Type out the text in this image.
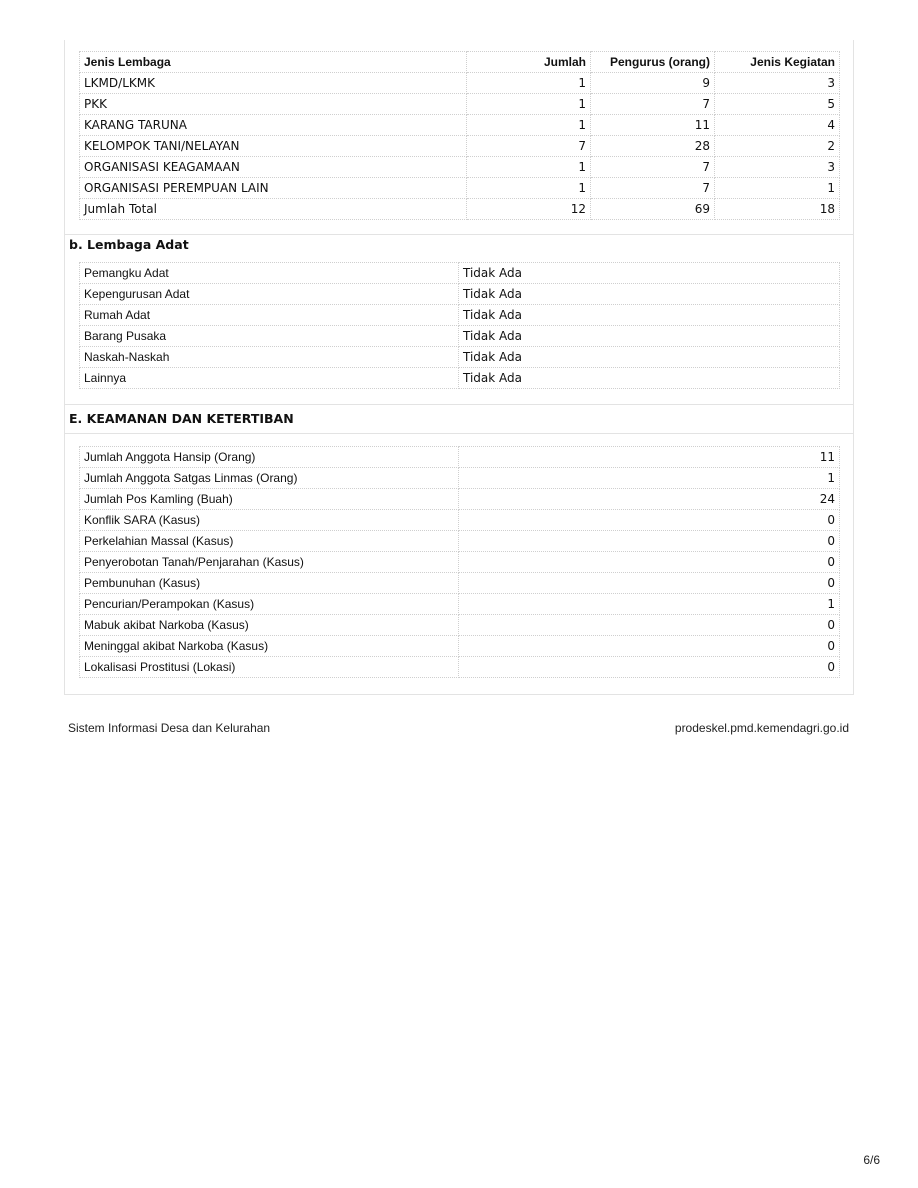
Jenis Lembaga	Jumlah	Pengurus (orang)	Jenis Kegiatan
LKMD/LKMK	1	9	3
PKK	1	7	5
KARANG TARUNA	1	11	4
KELOMPOK TANI/NELAYAN	7	28	2
ORGANISASI KEAGAMAAN	1	7	3
ORGANISASI PEREMPUAN LAIN	1	7	1
Jumlah Total	12	69	18
b. Lembaga Adat
Pemangku Adat	Tidak Ada
Kepengurusan Adat	Tidak Ada
Rumah Adat	Tidak Ada
Barang Pusaka	Tidak Ada
Naskah-Naskah	Tidak Ada
Lainnya	Tidak Ada
E. KEAMANAN DAN KETERTIBAN
Jumlah Anggota Hansip (Orang)	11
Jumlah Anggota Satgas Linmas (Orang)	1
Jumlah Pos Kamling (Buah)	24
Konflik SARA (Kasus)	0
Perkelahian Massal (Kasus)	0
Penyerobotan Tanah/Penjarahan (Kasus)	0
Pembunuhan (Kasus)	0
Pencurian/Perampokan (Kasus)	1
Mabuk akibat Narkoba (Kasus)	0
Meninggal akibat Narkoba (Kasus)	0
Lokalisasi Prostitusi (Lokasi)	0
Sistem Informasi Desa dan Kelurahan	prodeskel.pmd.kemendagri.go.id
6/6
